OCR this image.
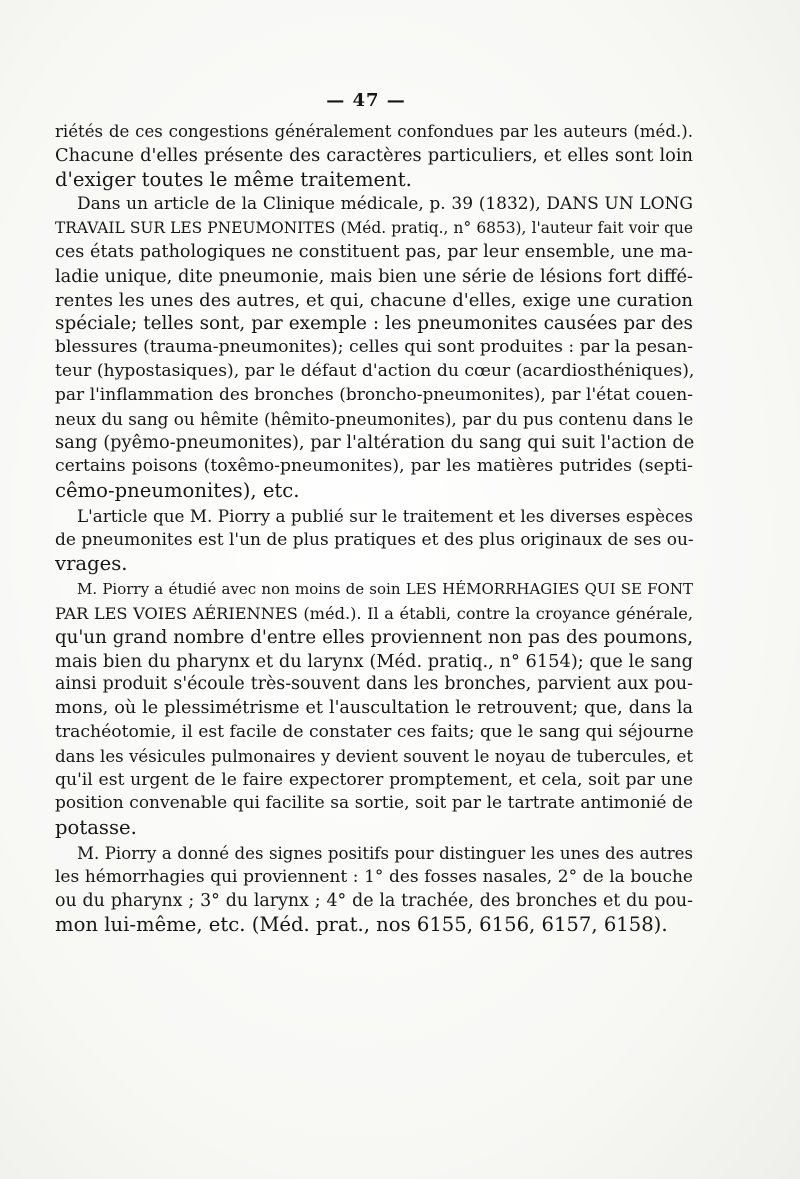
— 47 —
riétés de ces congestions généralement confondues par les auteurs (méd.).
Chacune d'elles présente des caractères particuliers, et elles sont loin
d'exiger toutes le même traitement.
Dans un article de la Clinique médicale, p. 39 (1832), DANS UN LONG
TRAVAIL SUR LES PNEUMONITES (Méd. pratiq., n° 6853), l'auteur fait voir que
ces états pathologiques ne constituent pas, par leur ensemble, une ma-
ladie unique, dite pneumonie, mais bien une série de lésions fort diffé-
rentes les unes des autres, et qui, chacune d'elles, exige une curation
spéciale; telles sont, par exemple : les pneumonites causées par des
blessures (trauma-pneumonites); celles qui sont produites : par la pesan-
teur (hypostasiques), par le défaut d'action du cœur (acardiosthéniques),
par l'inflammation des bronches (broncho-pneumonites), par l'état couen-
neux du sang ou hêmite (hêmito-pneumonites), par du pus contenu dans le
sang (pyêmo-pneumonites), par l'altération du sang qui suit l'action de
certains poisons (toxêmo-pneumonites), par les matières putrides (septi-
cêmo-pneumonites), etc.
L'article que M. Piorry a publié sur le traitement et les diverses espèces
de pneumonites est l'un de plus pratiques et des plus originaux de ses ou-
vrages.
M. Piorry a étudié avec non moins de soin LES HÉMORRHAGIES QUI SE FONT
PAR LES VOIES AÉRIENNES (méd.). Il a établi, contre la croyance générale,
qu'un grand nombre d'entre elles proviennent non pas des poumons,
mais bien du pharynx et du larynx (Méd. pratiq., n° 6154); que le sang
ainsi produit s'écoule très-souvent dans les bronches, parvient aux pou-
mons, où le plessimétrisme et l'auscultation le retrouvent; que, dans la
trachéotomie, il est facile de constater ces faits; que le sang qui séjourne
dans les vésicules pulmonaires y devient souvent le noyau de tubercules, et
qu'il est urgent de le faire expectorer promptement, et cela, soit par une
position convenable qui facilite sa sortie, soit par le tartrate antimonié de
potasse.
M. Piorry a donné des signes positifs pour distinguer les unes des autres
les hémorrhagies qui proviennent : 1° des fosses nasales, 2° de la bouche
ou du pharynx ; 3° du larynx ; 4° de la trachée, des bronches et du pou-
mon lui-même, etc. (Méd. prat., nos 6155, 6156, 6157, 6158).
